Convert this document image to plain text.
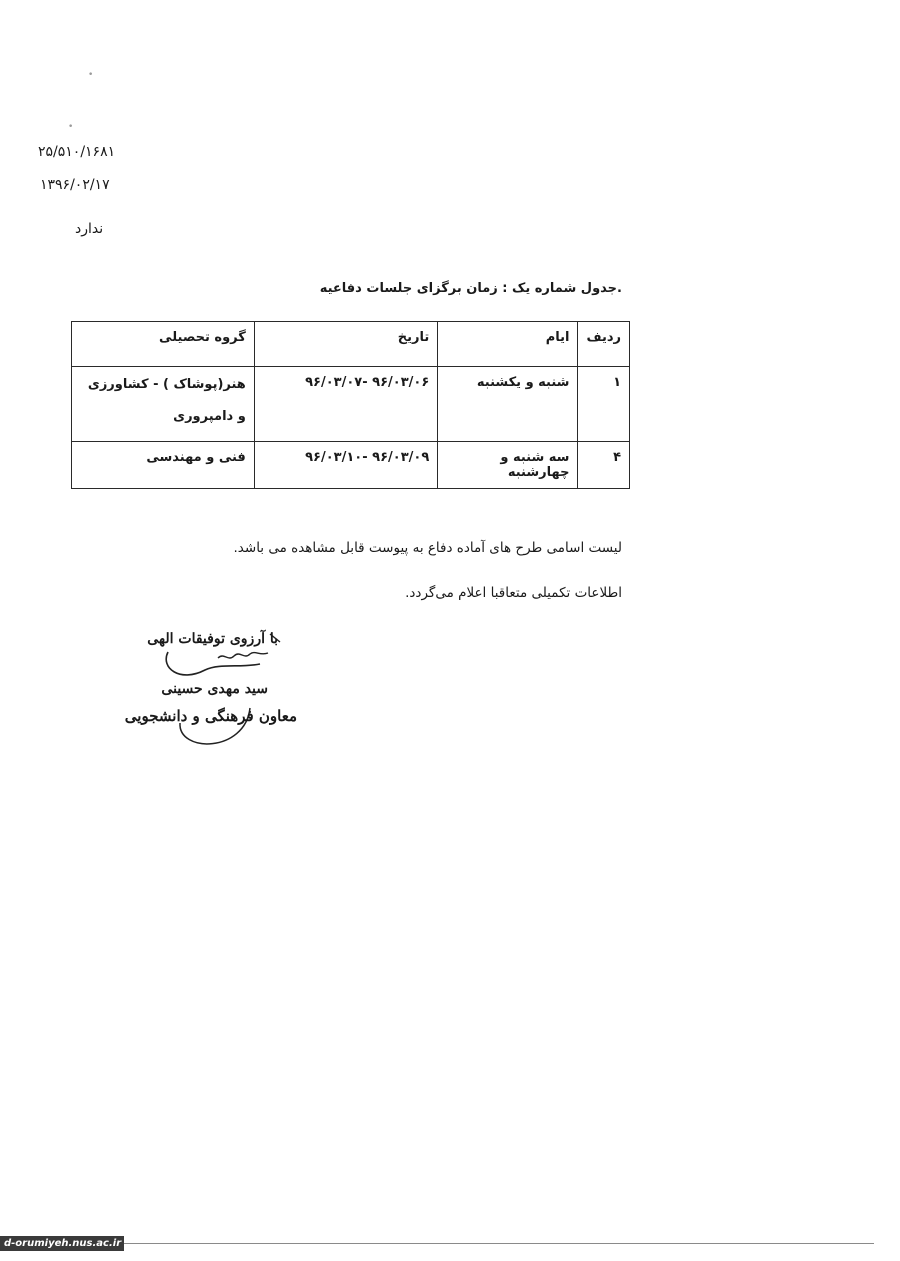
•
•
۲۵/۵۱۰/۱۶۸۱
۱۳۹۶/۰۲/۱۷
ندارد
.جدول شماره یک : زمان برگزای جلسات دفاعیه
ردیف	ایام	تاریخ	گروه تحصیلی
۱	شنبه و یکشنبه	۹۶/۰۳/۰۶ -۹۶/۰۳/۰۷	هنر(پوشاک ) - کشاورزی و دامپروری

۴	سه شنبه و چهارشنبه	۹۶/۰۳/۰۹ -۹۶/۰۳/۱۰	فنی و مهندسی
لیست اسامی طرح های آماده دفاع به پیوست قابل مشاهده می باشد.
اطلاعات تکمیلی متعاقبا اعلام می‌گردد.
با آرزوی توفیقات الهی
سید مهدی حسینی
معاون فرهنگی و دانشجویی
d-orumiyeh.nus.ac.ir
